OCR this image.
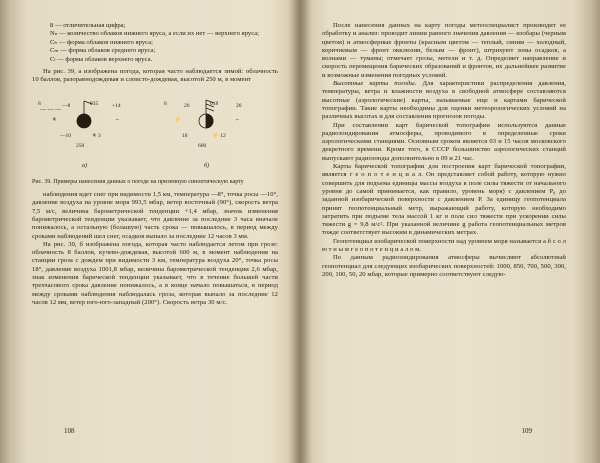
8 — отличительная цифра;
Nₙ — количество облаков нижнего яруса, а если их нет — верхнего яруса;
Cₕ — форма облаков нижнего яруса;
Cₘ — форма облаков среднего яруса;
Cₗ — форма облаков верхнего яруса.

На рис. 39, а изображена погода, которая часто наблюдается зимой: облачность 10 баллов, разоравнодождевая и слоисто-дождевая, высотой 250 м, в момент

— — —
8	—8	935	+14
✳	⌐
—10	✳ 3
250
a)
8	20	018	26
⚡	⌐
18	⚡ 12
600
б)
Рис. 39. Примеры нанесения данных о погоде на приземную синоптическую карту

наблюдения идет снег при видимости 1,5 км, температура —8°, точка росы —10°, давление воздуха на уровне моря 993,5 мбар, ветер восточный (90°), скорость ветра 7,5 м/с, величина барометрической тенденции +1,4 мбар, значок изменения барометрической тенденции указывает, что давление за последние 3 часа вначале понижалось, а остальную (болашую) часть срока — повышалось, в период между сроками наблюдений шел снег, осадков выпало за последние 12 часов 3 мм.

На рис. 39, б изображена погода, которая часто наблюдается летом при грозе: облачность 8 баллов, кучево-дождевая, высотой 600 м, в момент наблюдения на станции гроза с дождем при видимости 3 км, температура воздуха 20°, точка росы 18°, давление воздуха 1001,8 мбар, величина барометрической тенденции 2,6 мбар, знак изменения барической тенденции указывает, что в течение большей части трехчасового срока давление понижалось, а в конце начало повышаться, в период между сроками наблюдения наблюдалась гроза, которая выпало за последние 12 часов 12 мм, ветер юго-юго-западный (200°). Скорость ветра 30 м/с.

108

После нанесения данных на карту погоды метеоспециалист производит ее обработку и анализ: проводит линии равного значения давления — изобары (черным цветом) и атмосферные фронты (красным цветом — теплый, синим — холодный, коричневым — фронт окклюзии, белым — фронт), штрихуют зоны осадков, а волнами — туманы; отмечает грозы, метели и т. д. Определяет направление и скорость перемещения барических образований и фронтов, их дальнейшее развитие и возможные изменения погодных условий.

Высотные карты погоды. Для характеристики распределения давления, температуры, ветра и влажности воздуха в свободной атмосфере составляются высотные (аэрологические) карты, называемые еще и картами барической топографии. Такие карты необходимы для оценки метеорологических условий на различных высотах и для составления прогнозов погоды.

При составлении карт барической топографии используются данные радиозондирования атмосферы, проводимого в определенные сроки аэрологическими станциями. Основным сроком является 03 и 15 часов московского декретного времени. Кроме того, в СССР большинство аэрологических станций выпускают радиозонды дополнительно в 09 и 21 час.

Карты барической топографии для построения карт барической топографии, является г е о п о т е н ц и а л. Он представляет собой работу, которую нужно совершить для подъема единицы массы воздуха в поле силы тяжести от начального уровня до самой принимается, как правило, уровень моря) с давлением P₀ до заданной изобарической поверхности с давлением P. За единицу геопотенциала принят геопотенциальный метр, выражающий работу, которую необходимо затратить при подъеме тела массой 1 кг в поле сил тяжести при ускорении силы тяжести g = 9,8 м/с². При указанной величине g работа геопотенциальных метров тожде соответствует высоким в динамических метрах.

Геопотенциал изобарической поверхности над уровнем моря называется а б с о л ю т н ы м г е о п о т е н ц и а л о м.

По данным радиозондирования атмосферы вычисляют абсолютный геопотенциал для следующих изобарических поверхностей: 1000, 850, 700, 500, 300, 200, 100, 50, 20 мбар, которые примерно соответствуют следую-

109
